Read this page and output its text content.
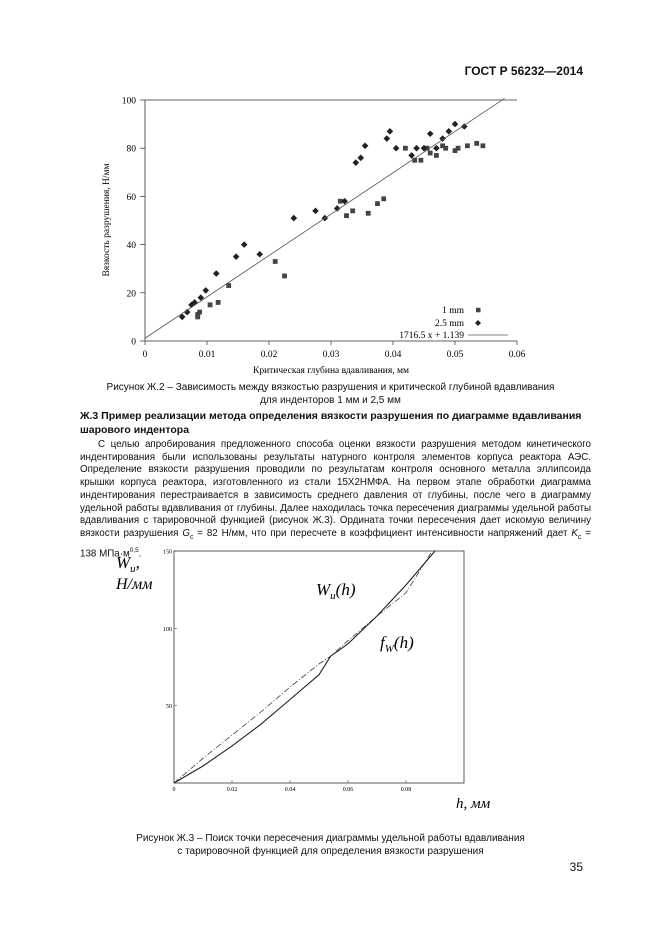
ГОСТ Р 56232—2014
0
20
40
60
80
100
0	0.01	0.02	0.03	0.04	0.05	0.06
1 mm
2.5 mm
1716.5 x + 1.139
Критическая глубина вдавливания, мм
Вязкость разрушения, Н/мм
Рисунок Ж.2 – Зависимость между вязкостью разрушения и критической глубиной вдавливания
для инденторов 1 мм и 2,5 мм
Ж.3 Пример реализации метода определения вязкости разрушения по диаграмме вдавливания шарового индентора

С целью апробирования предложенного способа оценки вязкости разрушения методом кинетического индентирования были использованы результаты натурного контроля элементов корпуса реактора АЭС. Определение вязкости разрушения проводили по результатам контроля основного металла эллипсоида крышки корпуса реактора, изготовленного из стали 15Х2НМФА. На первом этапе обработки диаграмма индентирования перестраивается в зависимость среднего давления от глубины, после чего в диаграмму удельной работы вдавливания от глубины. Далее находилась точка пересечения диаграммы удельной работы вдавливания с тарировочной функцией (рисунок Ж.3). Ордината точки пересечения дает искомую величину вязкости разрушения $G_c = 82$ Н/мм, что при пересчете в коэффициент интенсивности напряжений дает $K_c = 138$ $МПа\cdot м^{0,5}$.

50
100
150
0	0.02	0.04	0.06	0.08
$W_u$,
Н/мм
h, мм
$W_u(h)$
$f_W(h)$
Рисунок Ж.3 – Поиск точки пересечения диаграммы удельной работы вдавливания
с тарировочной функцией для определения вязкости разрушения
35
